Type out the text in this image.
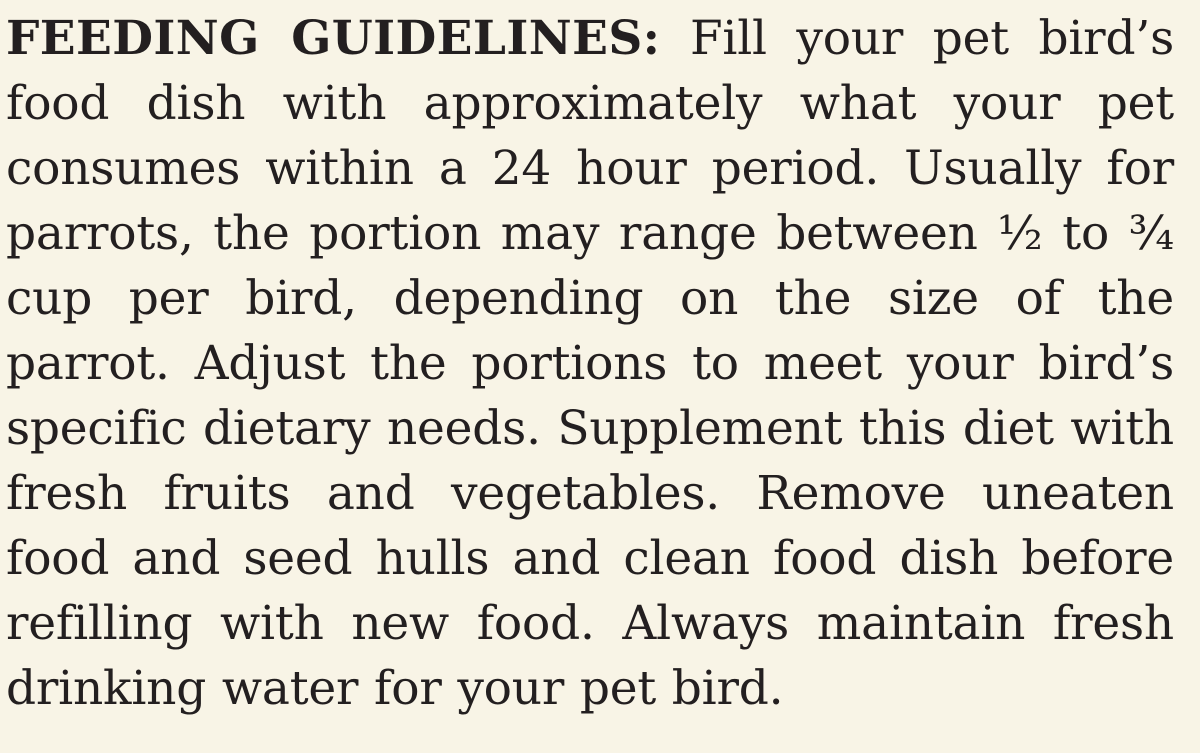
FEEDING GUIDELINES: Fill your pet bird’s food dish with approximately what your pet consumes within a 24 hour period. Usually for parrots, the portion may range between ½ to ¾ cup per bird, depending on the size of the parrot. Adjust the portions to meet your bird’s specific dietary needs. Supplement this diet with fresh fruits and vegetables. Remove uneaten food and seed hulls and clean food dish before refilling with new food. Always maintain fresh drinking water for your pet bird.
